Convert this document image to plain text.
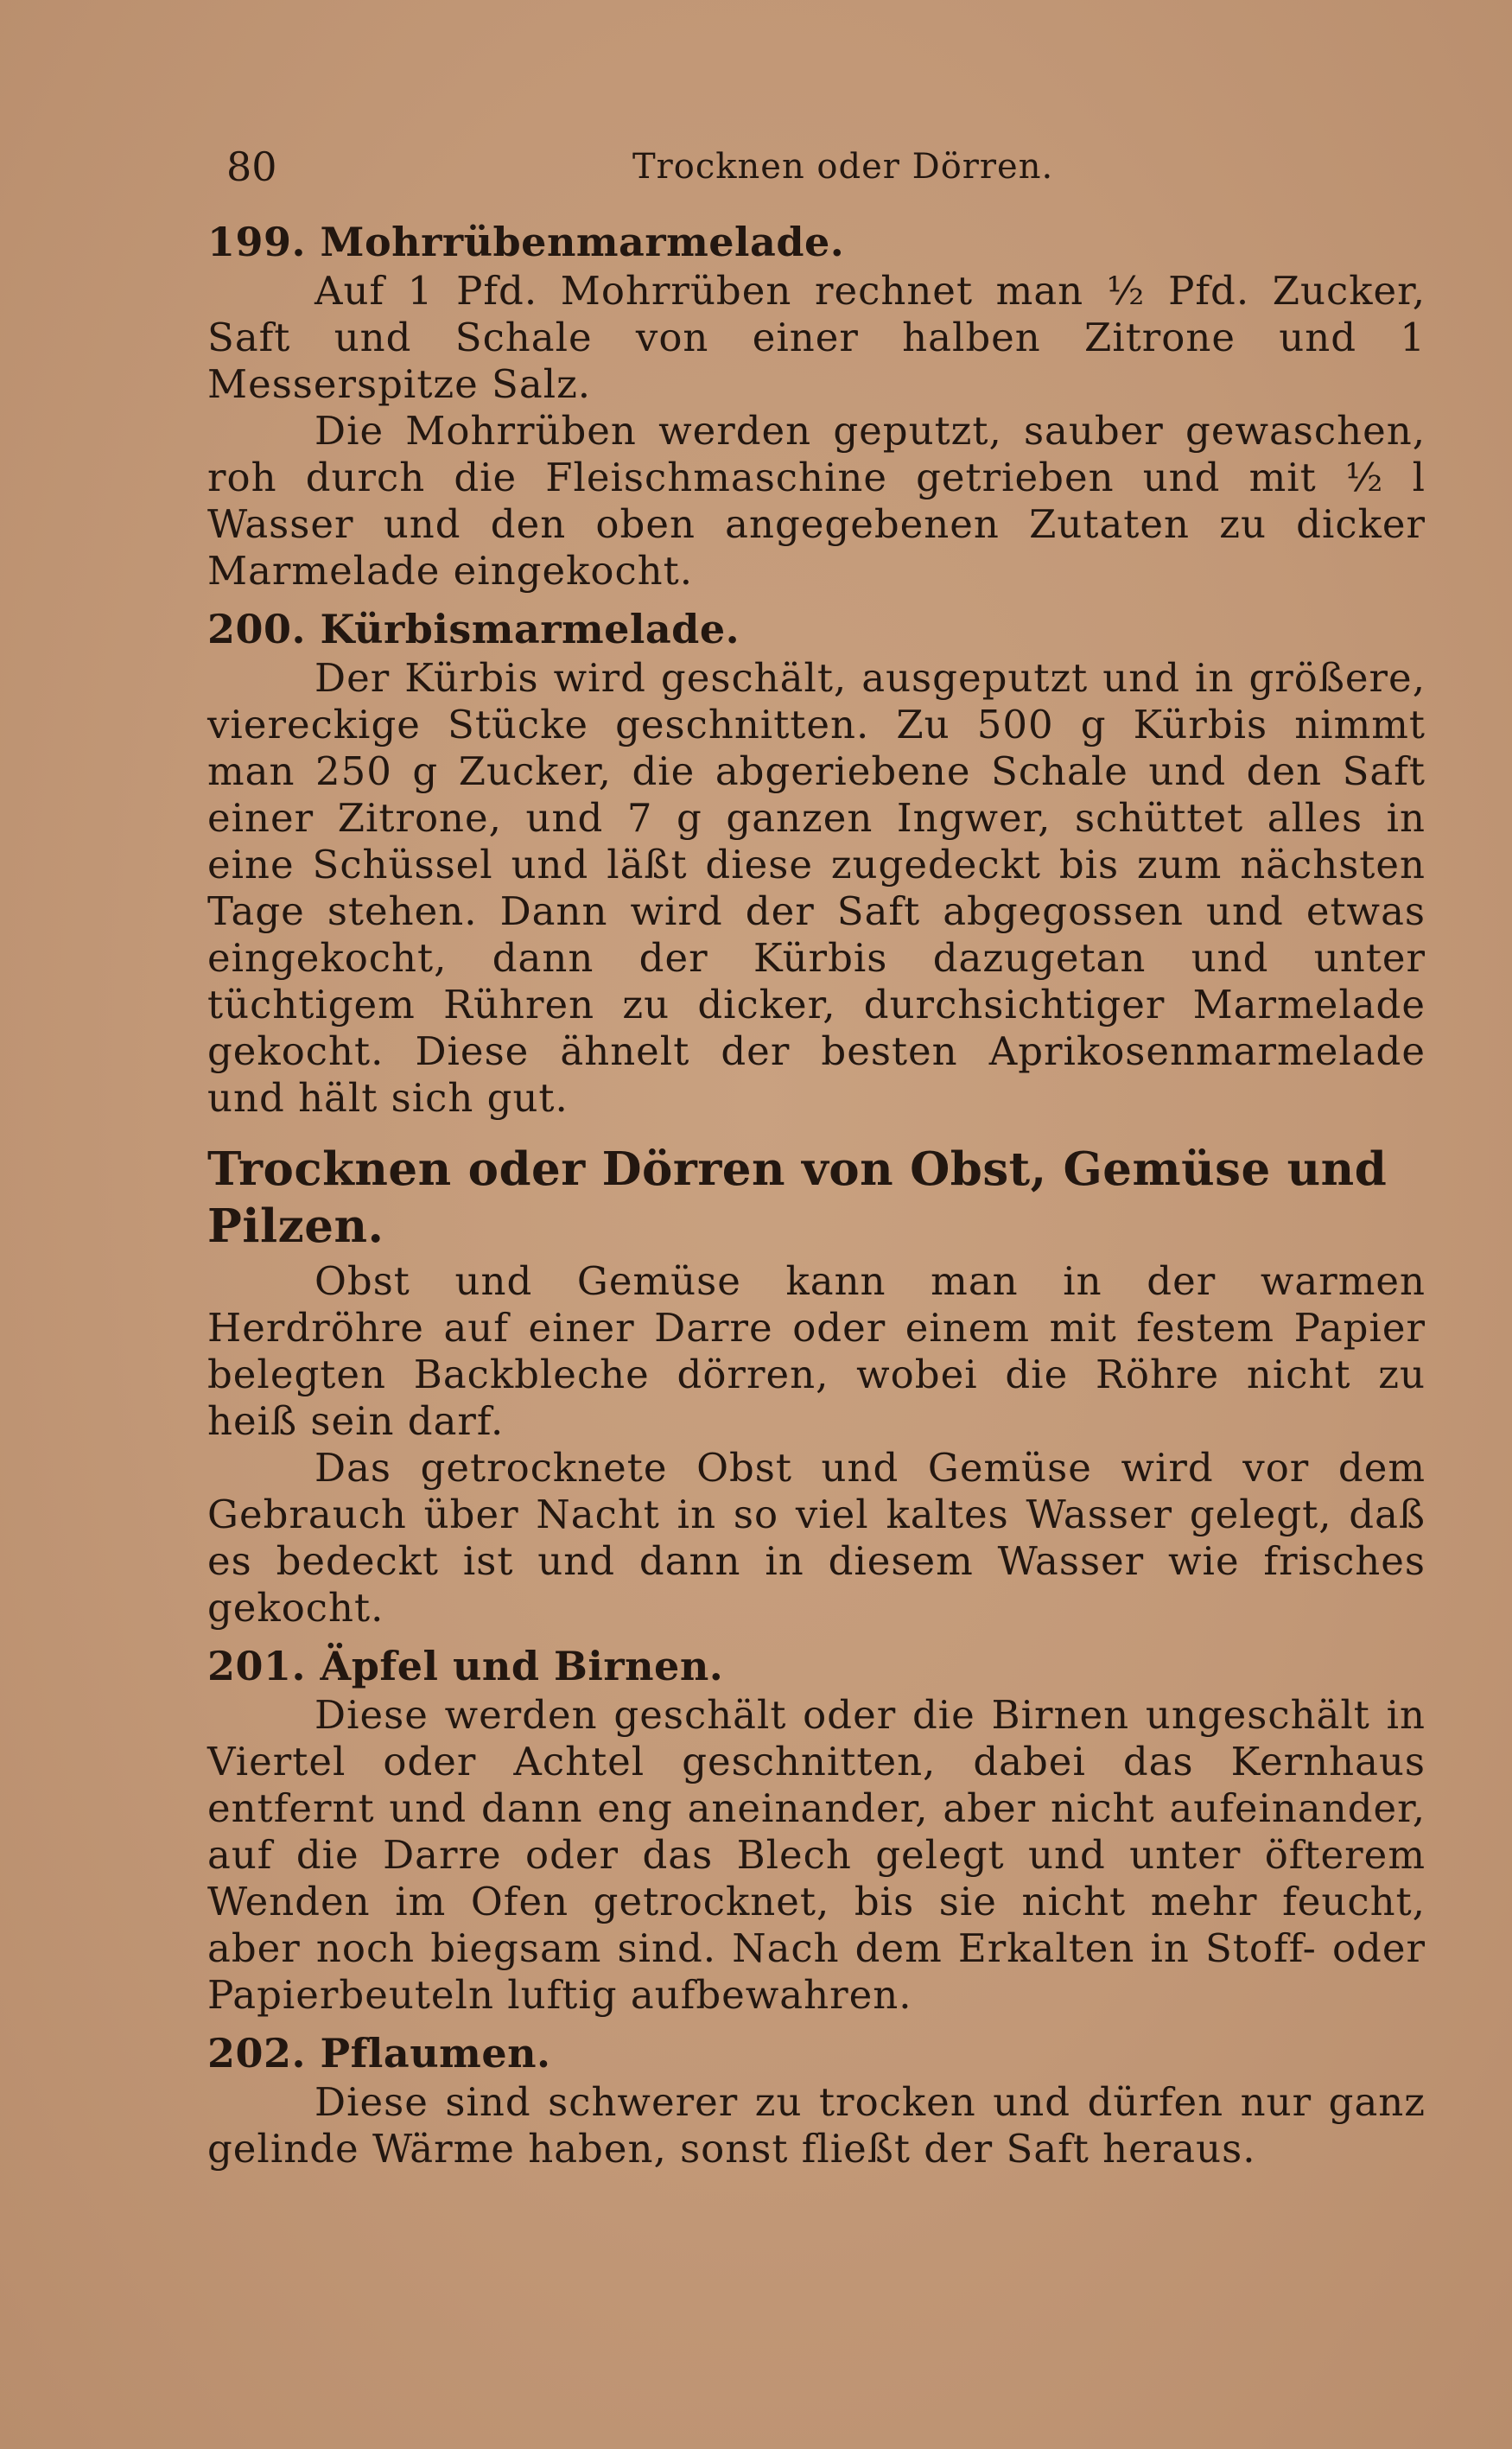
80	Trocknen oder Dörren.
199. Mohrrübenmarmelade.

Auf 1 Pfd. Mohrrüben rechnet man ½ Pfd. Zucker, Saft und Schale von einer halben Zitrone und 1 Messerspitze Salz.

Die Mohrrüben werden geputzt, sauber gewaschen, roh durch die Fleischmaschine getrieben und mit ½ l Wasser und den oben angegebenen Zutaten zu dicker Marmelade eingekocht.

200. Kürbismarmelade.

Der Kürbis wird geschält, ausgeputzt und in größere, viereckige Stücke geschnitten. Zu 500 g Kürbis nimmt man 250 g Zucker, die abgeriebene Schale und den Saft einer Zitrone, und 7 g ganzen Ingwer, schüttet alles in eine Schüssel und läßt diese zugedeckt bis zum nächsten Tage stehen. Dann wird der Saft abgegossen und etwas eingekocht, dann der Kürbis dazugetan und unter tüchtigem Rühren zu dicker, durchsichtiger Marmelade gekocht. Diese ähnelt der besten Aprikosenmarmelade und hält sich gut.

Trocknen oder Dörren von Obst, Gemüse und Pilzen.

Obst und Gemüse kann man in der warmen Herdröhre auf einer Darre oder einem mit festem Papier belegten Backbleche dörren, wobei die Röhre nicht zu heiß sein darf.

Das getrocknete Obst und Gemüse wird vor dem Gebrauch über Nacht in so viel kaltes Wasser gelegt, daß es bedeckt ist und dann in diesem Wasser wie frisches gekocht.

201. Äpfel und Birnen.

Diese werden geschält oder die Birnen ungeschält in Viertel oder Achtel geschnitten, dabei das Kernhaus entfernt und dann eng aneinander, aber nicht aufeinander, auf die Darre oder das Blech gelegt und unter öfterem Wenden im Ofen getrocknet, bis sie nicht mehr feucht, aber noch biegsam sind. Nach dem Erkalten in Stoff- oder Papierbeuteln luftig aufbewahren.

202. Pflaumen.

Diese sind schwerer zu trocken und dürfen nur ganz gelinde Wärme haben, sonst fließt der Saft heraus.
